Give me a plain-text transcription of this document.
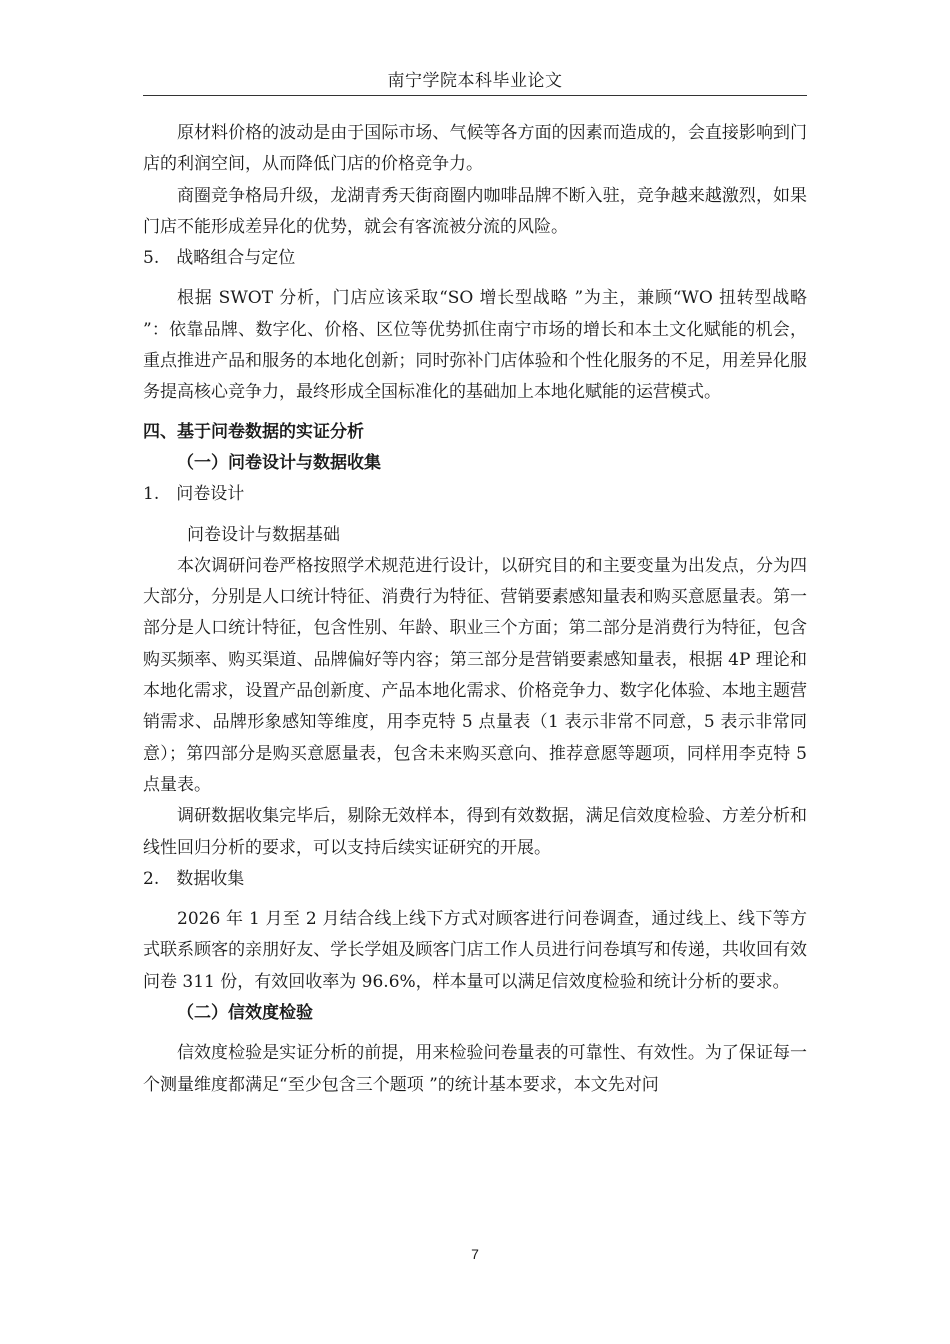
南宁学院本科毕业论文

原材料价格的波动是由于国际市场、气候等各方面的因素而造成的，会直接影响到门店的利润空间，从而降低门店的价格竞争力。

商圈竞争格局升级，龙湖青秀天街商圈内咖啡品牌不断入驻，竞争越来越激烈，如果门店不能形成差异化的优势，就会有客流被分流的风险。

5.　战略组合与定位

根据 SWOT 分析，门店应该采取“SO 增长型战略 ”为主，兼顾“WO 扭转型战略 ”：依靠品牌、数字化、价格、区位等优势抓住南宁市场的增长和本土文化赋能的机会，重点推进产品和服务的本地化创新；同时弥补门店体验和个性化服务的不足，用差异化服务提高核心竞争力，最终形成全国标准化的基础加上本地化赋能的运营模式。

四、基于问卷数据的实证分析

（一）问卷设计与数据收集

1.　问卷设计

问卷设计与数据基础

本次调研问卷严格按照学术规范进行设计，以研究目的和主要变量为出发点，分为四大部分，分别是人口统计特征、消费行为特征、营销要素感知量表和购买意愿量表。第一部分是人口统计特征，包含性别、年龄、职业三个方面；第二部分是消费行为特征，包含购买频率、购买渠道、品牌偏好等内容；第三部分是营销要素感知量表，根据 4P 理论和本地化需求，设置产品创新度、产品本地化需求、价格竞争力、数字化体验、本地主题营销需求、品牌形象感知等维度，用李克特 5 点量表（1 表示非常不同意，5 表示非常同意）；第四部分是购买意愿量表，包含未来购买意向、推荐意愿等题项，同样用李克特 5 点量表。

调研数据收集完毕后，剔除无效样本，得到有效数据，满足信效度检验、方差分析和线性回归分析的要求，可以支持后续实证研究的开展。

2.　数据收集

2026 年 1 月至 2 月结合线上线下方式对顾客进行问卷调查，通过线上、线下等方式联系顾客的亲朋好友、学长学姐及顾客门店工作人员进行问卷填写和传递，共收回有效问卷 311 份，有效回收率为 96.6%，样本量可以满足信效度检验和统计分析的要求。

（二）信效度检验

信效度检验是实证分析的前提，用来检验问卷量表的可靠性、有效性。为了保证每一个测量维度都满足“至少包含三个题项 ”的统计基本要求，本文先对问

7
